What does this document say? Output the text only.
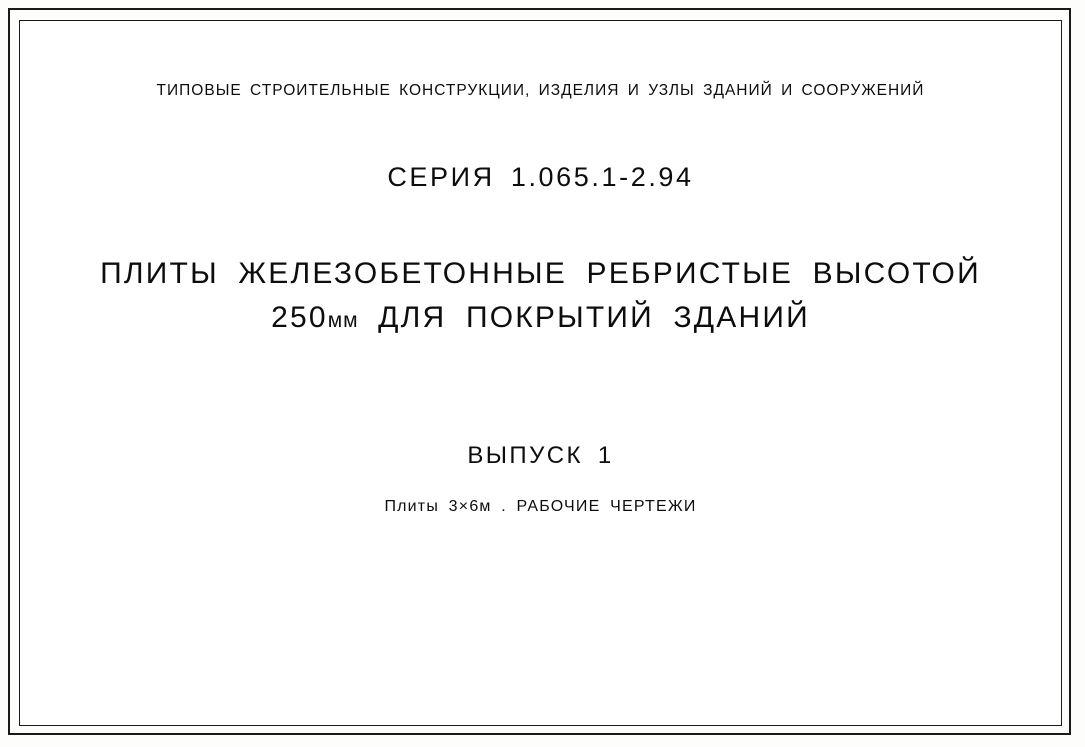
ТИПОВЫЕ СТРОИТЕЛЬНЫЕ КОНСТРУКЦИИ, ИЗДЕЛИЯ И УЗЛЫ ЗДАНИЙ И СООРУЖЕНИЙ
СЕРИЯ 1.065.1-2.94
ПЛИТЫ ЖЕЛЕЗОБЕТОННЫЕ РЕБРИСТЫЕ ВЫСОТОЙ
250мм ДЛЯ ПОКРЫТИЙ ЗДАНИЙ
ВЫПУСК 1
Плиты 3×6м . РАБОЧИЕ ЧЕРТЕЖИ
